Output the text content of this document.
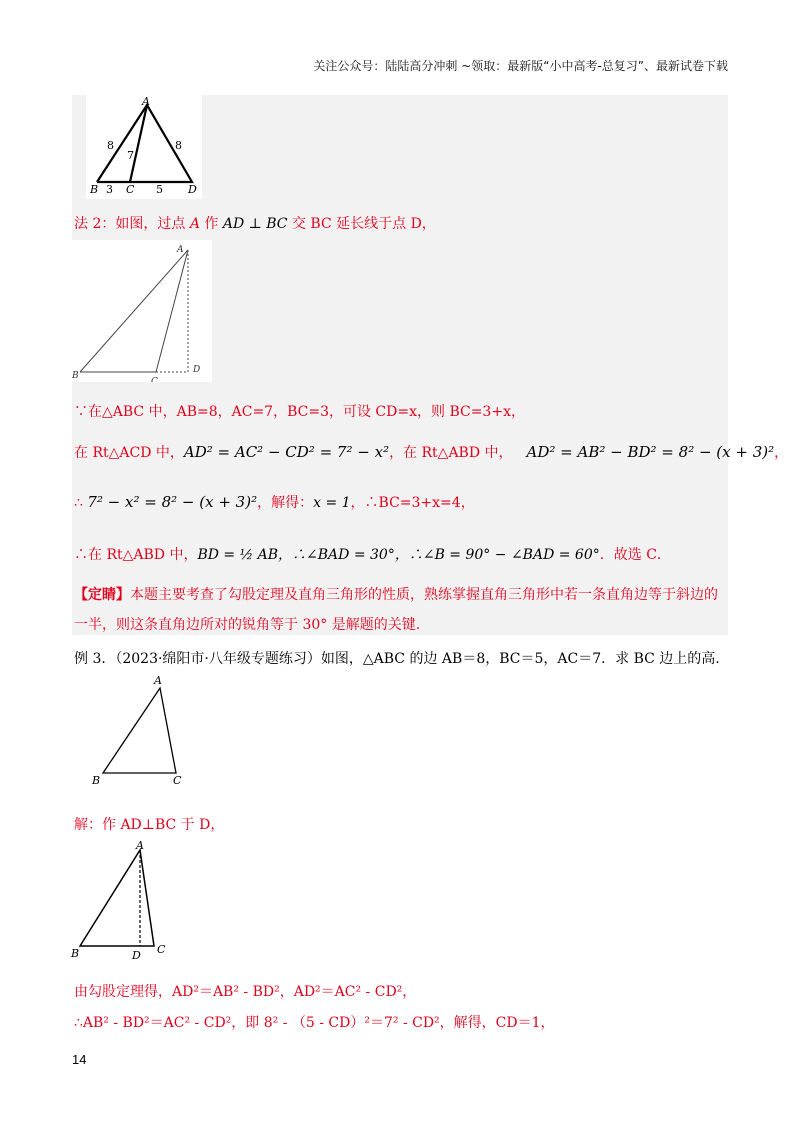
关注公众号：陆陆高分冲刺 ~领取：最新版“小中高考-总复习”、最新试卷下载
A
B	C	D
8
7
8
3	5
法 2：如图，过点 A 作 AD ⊥ BC 交 BC 延长线于点 D，
A
B
C
D
∵在△ABC 中，AB=8，AC=7，BC=3，可设 CD=x，则 BC=3+x，
在 Rt△ACD 中，AD² = AC² − CD² = 7² − x²，在 Rt△ABD 中， AD² = AB² − BD² = 8² − (x + 3)²，
∴ 7² − x² = 8² − (x + 3)²，解得：x = 1，∴BC=3+x=4，
∴在 Rt△ABD 中，BD = ½ AB，∴∠BAD = 30°，∴∠B = 90° − ∠BAD = 60°．故选 C．
【定睛】本题主要考查了勾股定理及直角三角形的性质，熟练掌握直角三角形中若一条直角边等于斜边的
一半，则这条直角边所对的锐角等于 30° 是解题的关键.
例 3．（2023·绵阳市·八年级专题练习）如图，△ABC 的边 AB＝8，BC＝5，AC＝7．求 BC 边上的高.
A
B	C
解：作 AD⊥BC 于 D，
A
B	D C
由勾股定理得，AD²＝AB² - BD²，AD²＝AC² - CD²，
∴AB² - BD²＝AC² - CD²，即 8² - （5 - CD）²＝7² - CD²，解得，CD＝1，
14
